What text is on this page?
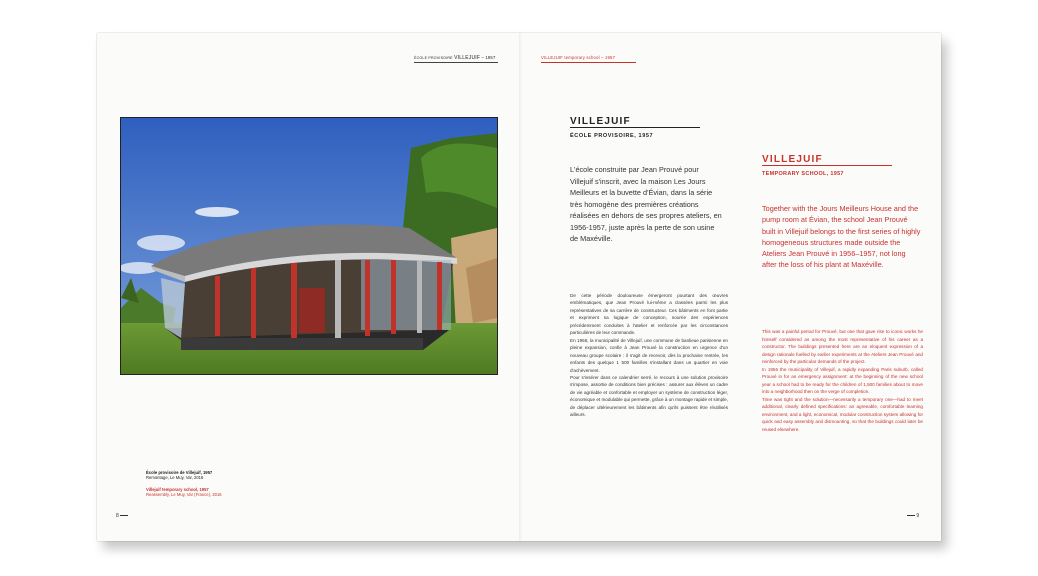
ÉCOLE PROVISOIRE VILLEJUIF – 1957	VILLEJUIF temporary school – 1957
École provisoire de Villejuif, 1957
Remontage, Le Muy, Var, 2016
Villejuif temporary school, 1957
Reassembly, Le Muy, Var (France), 2016
8	9
VILLEJUIF
ÉCOLE PROVISOIRE, 1957
L'école construite par Jean Prouvé pour Villejuif s'inscrit, avec la maison Les Jours Meilleurs et la buvette d'Évian, dans la série très homogène des premières créations réalisées en dehors de ses propres ateliers, en 1956-1957, juste après la perte de son usine de Maxéville.
De cette période douloureuse émergeront pourtant des œuvres emblématiques, que Jean Prouvé lui-même a classées parmi les plus représentatives de sa carrière de constructeur. Ces bâtiments en font partie et expriment sa logique de conception, nourrie des expériences précédemment conduites à l'atelier et renforcée par les circonstances particulières de leur commande.
En 1956, la municipalité de Villejuif, une commune de banlieue parisienne en pleine expansion, confie à Jean Prouvé la construction en urgence d'un nouveau groupe scolaire : il s'agit de recevoir, dès la prochaine rentrée, les enfants des quelque 1 500 familles s'installant dans un quartier en voie d'achèvement.
Pour s'insérer dans ce calendrier serré, le recours à une solution provisoire s'impose, assortie de conditions bien précises : assurer aux élèves un cadre de vie agréable et confortable et employer un système de construction léger, économique et modulable qui permette, grâce à un montage rapide et simple, de déplacer ultérieurement les bâtiments afin qu'ils puissent être réutilisés ailleurs.
VILLEJUIF
TEMPORARY SCHOOL, 1957
Together with the Jours Meilleurs House and the pump room at Évian, the school Jean Prouvé built in Villejuif belongs to the first series of highly homogeneous structures made outside the Ateliers Jean Prouvé in 1956–1957, not long after the loss of his plant at Maxéville.
This was a painful period for Prouvé, but one that gave rise to iconic works he himself considered as among the most representative of his career as a constructor. The buildings presented here are an eloquent expression of a design rationale fuelled by earlier experiments at the Ateliers Jean Prouvé and reinforced by the particular demands of the project.
In 1956 the municipality of Villejuif, a rapidly expanding Paris suburb, called Prouvé in for an emergency assignment: at the beginning of the new school year a school had to be ready for the children of 1,500 families about to move into a neighborhood then on the verge of completion.
Time was tight and the solution—necessarily a temporary one—had to meet additional, clearly defined specifications: an agreeable, comfortable learning environment, and a light, economical, modular construction system allowing for quick and easy assembly and dismounting, so that the buildings could later be reused elsewhere.
